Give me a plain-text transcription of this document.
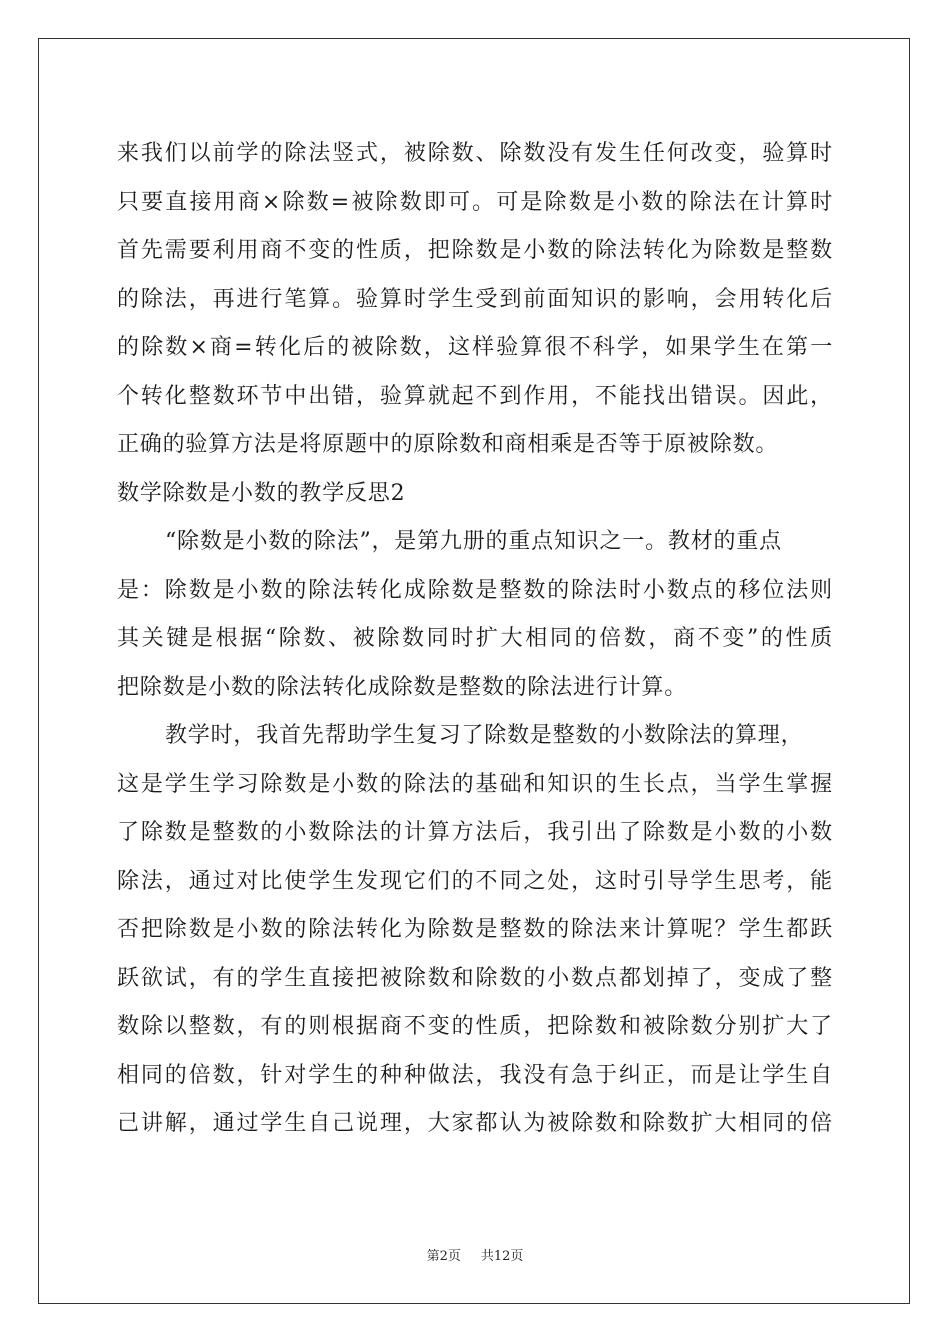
来我们以前学的除法竖式，被除数、除数没有发生任何改变，验算时
只要直接用商×除数=被除数即可。可是除数是小数的除法在计算时
首先需要利用商不变的性质，把除数是小数的除法转化为除数是整数
的除法，再进行笔算。验算时学生受到前面知识的影响，会用转化后
的除数×商=转化后的被除数，这样验算很不科学，如果学生在第一
个转化整数环节中出错，验算就起不到作用，不能找出错误。因此，
正确的验算方法是将原题中的原除数和商相乘是否等于原被除数。
数学除数是小数的教学反思2
“除数是小数的除法”，是第九册的重点知识之一。教材的重点
是：除数是小数的除法转化成除数是整数的除法时小数点的移位法则
其关键是根据“除数、被除数同时扩大相同的倍数，商不变”的性质
把除数是小数的除法转化成除数是整数的除法进行计算。
教学时，我首先帮助学生复习了除数是整数的小数除法的算理，
这是学生学习除数是小数的除法的基础和知识的生长点，当学生掌握
了除数是整数的小数除法的计算方法后，我引出了除数是小数的小数
除法，通过对比使学生发现它们的不同之处，这时引导学生思考，能
否把除数是小数的除法转化为除数是整数的除法来计算呢？学生都跃
跃欲试，有的学生直接把被除数和除数的小数点都划掉了，变成了整
数除以整数，有的则根据商不变的性质，把除数和被除数分别扩大了
相同的倍数，针对学生的种种做法，我没有急于纠正，而是让学生自
己讲解，通过学生自己说理，大家都认为被除数和除数扩大相同的倍
第2页 共12页
